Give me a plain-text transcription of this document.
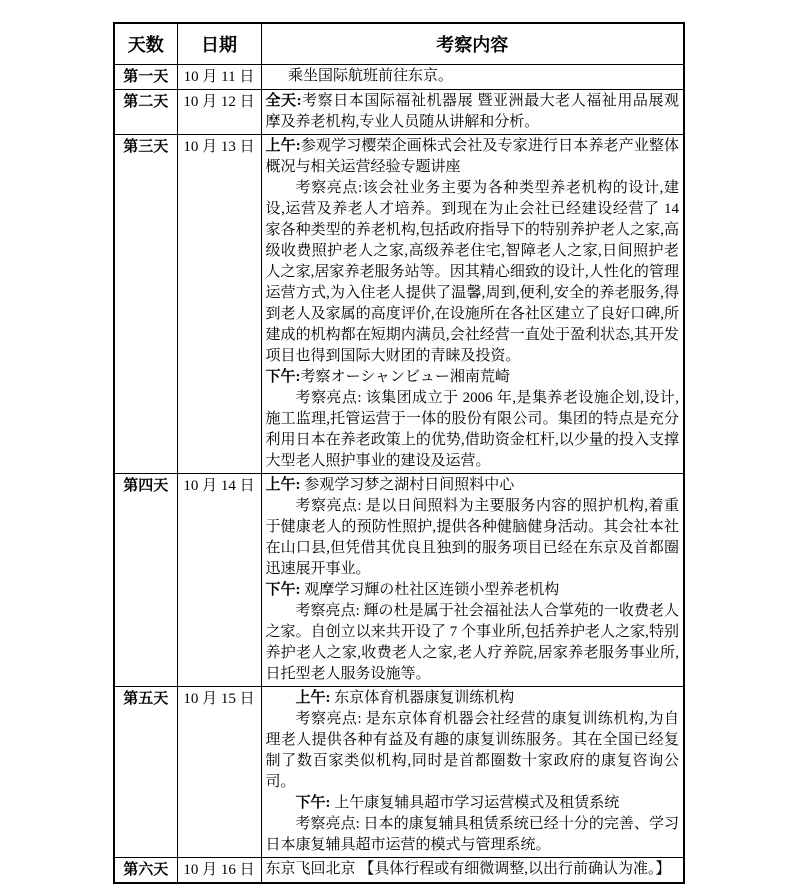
天数	日期	考察内容
第一天	10 月 11 日	乘坐国际航班前往东京。

第二天	10 月 12 日	全天:考察日本国际福祉机器展 暨亚洲最大老人福祉用品展观摩及养老机构,专业人员随从讲解和分析。

第三天	10 月 13 日	上午:参观学习樱荣企画株式会社及专家进行日本养老产业整体概况与相关运营经验专题讲座

考察亮点:该会社业务主要为各种类型养老机构的设计,建设,运营及养老人才培养。到现在为止会社已经建设经营了 14 家各种类型的养老机构,包括政府指导下的特别养护老人之家,高级收费照护老人之家,高级养老住宅,智障老人之家,日间照护老人之家,居家养老服务站等。因其精心细致的设计,人性化的管理运营方式,为入住老人提供了温馨,周到,便利,安全的养老服务,得到老人及家属的高度评价,在设施所在各社区建立了良好口碑,所建成的机构都在短期内满员,会社经营一直处于盈利状态,其开发项目也得到国际大财团的青睐及投资。

下午:考察オーシャンビュー湘南荒崎

考察亮点: 该集团成立于 2006 年,是集养老设施企划,设计,施工监理,托管运营于一体的股份有限公司。集团的特点是充分利用日本在养老政策上的优势,借助资金杠杆,以少量的投入支撑大型老人照护事业的建设及运营。

第四天	10 月 14 日	上午: 参观学习梦之湖村日间照料中心

考察亮点: 是以日间照料为主要服务内容的照护机构,着重于健康老人的预防性照护,提供各种健脑健身活动。其会社本社在山口县,但凭借其优良且独到的服务项目已经在东京及首都圈迅速展开事业。

下午: 观摩学习輝の杜社区连锁小型养老机构

考察亮点: 輝の杜是属于社会福祉法人合掌苑的一收费老人之家。自创立以来共开设了 7 个事业所,包括养护老人之家,特别养护老人之家,收费老人之家,老人疗养院,居家养老服务事业所,日托型老人服务设施等。

第五天	10 月 15 日	上午: 东京体育机器康复训练机构

考察亮点: 是东京体育机器会社经营的康复训练机构,为自理老人提供各种有益及有趣的康复训练服务。其在全国已经复制了数百家类似机构,同时是首都圈数十家政府的康复咨询公司。

下午: 上午康复辅具超市学习运营模式及租赁系统

考察亮点: 日本的康复辅具租赁系统已经十分的完善、学习日本康复辅具超市运营的模式与管理系统。

第六天	10 月 16 日	东京飞回北京 【具体行程或有细微调整,以出行前确认为准。】
